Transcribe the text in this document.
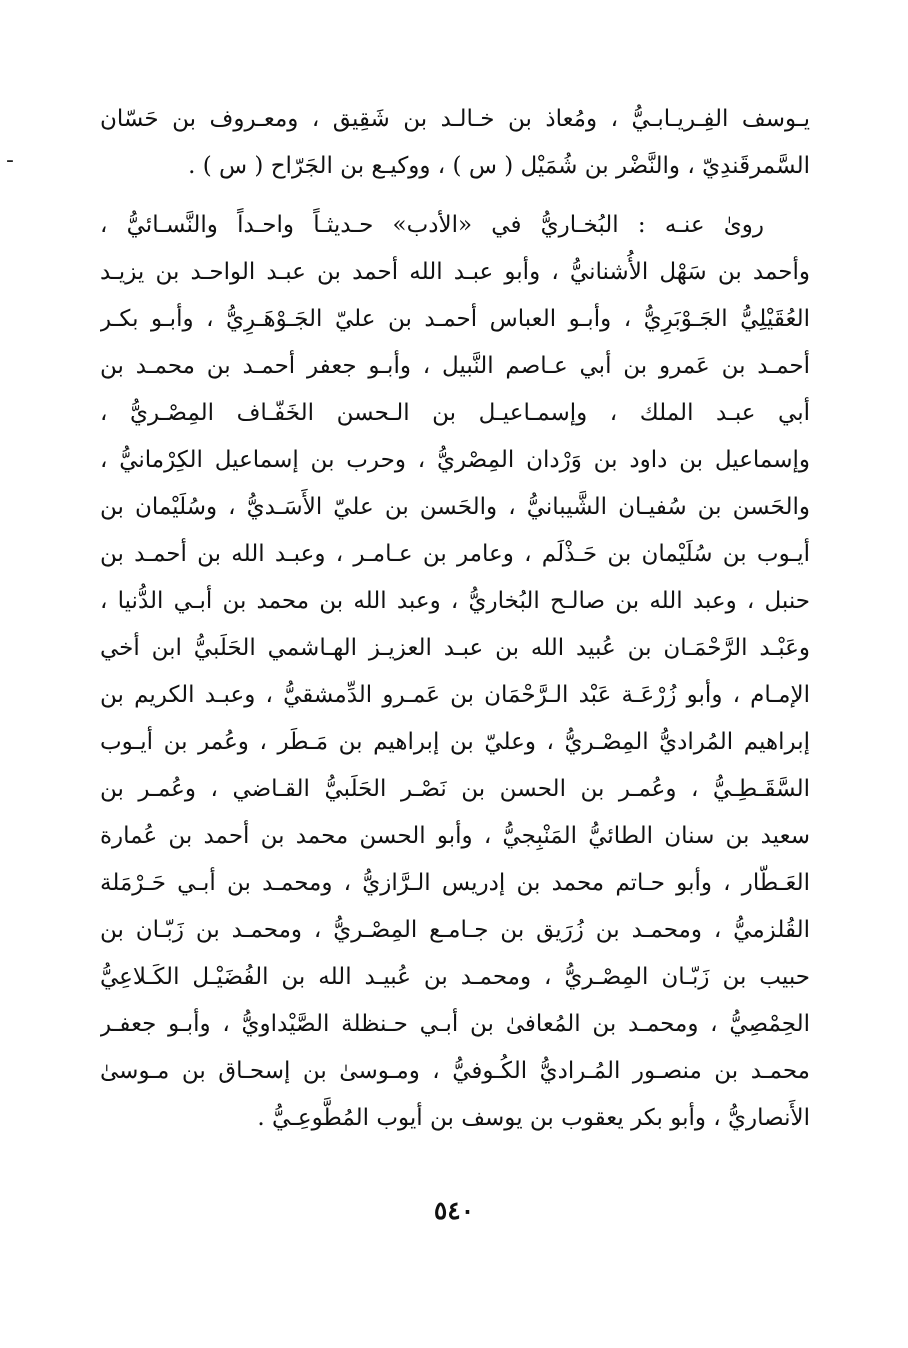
-
يـوسف الفِـريـابـيُّ ، ومُعاذ بن خـالـد بن شَقِيق ، ومعـروف بن حَسّان
السَّمرقَندِيّ ، والنَّضْر بن شُمَيْل ( س ) ، ووكيـع بن الجَرّاح ( س ) .
روىٰ عنـه : البُخـاريُّ في «الأدب» حـديثـاً واحـداً والنَّسـائيُّ ،
وأحمد بن سَهْل الأُشنانيُّ ، وأبو عبـد الله أحمد بن عبـد الواحـد بن يزيـد
العُقَيْلِيُّ الجَـوْبَرِيُّ ، وأبـو العباس أحمـد بن عليّ الجَـوْهَـرِيُّ ، وأبـو بكـر
أحمـد بن عَمرو بن أبي عـاصم النَّبيل ، وأبـو جعفر أحمـد بن محمـد بن
أبي عبـد الملك ، وإسمـاعيـل بن الـحسن الخَفّـاف المِصْـريُّ ،
وإسماعيل بن داود بن وَرْدان المِصْريُّ ، وحرب بن إسماعيل الكِرْمانيُّ ،
والحَسن بن سُفيـان الشَّيبانيُّ ، والحَسن بن عليّ الأَسَـديُّ ، وسُلَيْمان بن
أيـوب بن سُلَيْمان بن حَـذْلَم ، وعامر بن عـامـر ، وعبـد الله بن أحمـد بن
حنبل ، وعبد الله بن صالـح البُخاريُّ ، وعبد الله بن محمد بن أبـي الدُّنيا ،
وعَبْـد الرَّحْمَـان بن عُبيد الله بن عبـد العزيـز الهـاشمي الحَلَبيُّ ابن أخي
الإمـام ، وأبو زُرْعَـة عَبْد الـرَّحْمَان بن عَمـرو الدِّمشقيُّ ، وعبـد الكريم بن
إبراهيم المُراديُّ المِصْـريُّ ، وعليّ بن إبراهيم بن مَـطَر ، وعُمر بن أيـوب
السَّقَـطِـيُّ ، وعُمـر بن الحسن بن نَصْـر الحَلَبيُّ القـاضي ، وعُمـر بن
سعيد بن سنان الطائيُّ المَنْبِجيُّ ، وأبو الحسن محمد بن أحمد بن عُمارة
العَـطّار ، وأبو حـاتم محمد بن إدريس الـرَّازيُّ ، ومحمـد بن أبـي حَـرْمَلة
القُلزميُّ ، ومحمـد بن زُرَيق بن جـامـع المِصْـريُّ ، ومحمـد بن زَبّـان بن
حبيب بن زَبّـان المِصْـريُّ ، ومحمـد بن عُبيـد الله بن الفُضَيْـل الكَـلاعِيُّ
الحِمْصِيُّ ، ومحمـد بن المُعافىٰ بن أبـي حـنظلة الصَّيْداويُّ ، وأبـو جعفـر
محمـد بن منصـور المُـراديُّ الكُـوفيُّ ، ومـوسىٰ بن إسحـاق بن مـوسىٰ
الأَنصاريُّ ، وأبو بكر يعقوب بن يوسف بن أيوب المُطَّوعِـيُّ .
٥٤٠
